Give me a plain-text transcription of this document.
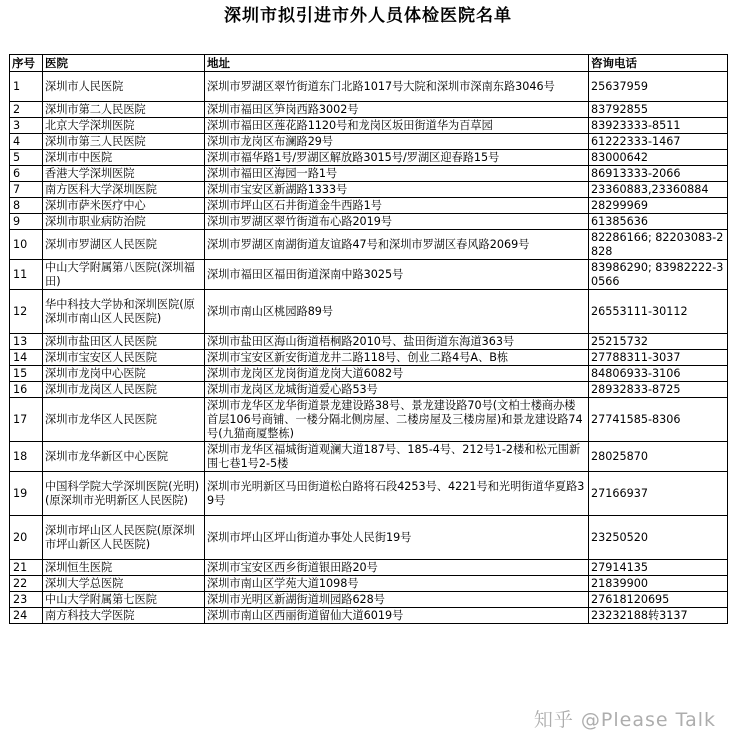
深圳市拟引进市外人员体检医院名单
序号	医院	地址	咨询电话
1	深圳市人民医院	深圳市罗湖区翠竹街道东门北路1017号大院和深圳市深南东路3046号	25637959
2	深圳市第二人民医院	深圳市福田区笋岗西路3002号	83792855
3	北京大学深圳医院	深圳市福田区莲花路1120号和龙岗区坂田街道华为百草园	83923333-8511
4	深圳市第三人民医院	深圳市龙岗区布澜路29号	61222333-1467
5	深圳市中医院	深圳市福华路1号/罗湖区解放路3015号/罗湖区迎春路15号	83000642
6	香港大学深圳医院	深圳市福田区海园一路1号	86913333-2066
7	南方医科大学深圳医院	深圳市宝安区新湖路1333号	23360883,23360884
8	深圳市萨米医疗中心	深圳市坪山区石井街道金牛西路1号	28299969
9	深圳市职业病防治院	深圳市罗湖区翠竹街道布心路2019号	61385636
10	深圳市罗湖区人民医院	深圳市罗湖区南湖街道友谊路47号和深圳市罗湖区春风路2069号	82286166; 82203083-2828
11	中山大学附属第八医院(深圳福田)	深圳市福田区福田街道深南中路3025号	83986290; 83982222-30566
12	华中科技大学协和深圳医院(原深圳市南山区人民医院)	深圳市南山区桃园路89号	26553111-30112
13	深圳市盐田区人民医院	深圳市盐田区海山街道梧桐路2010号、盐田街道东海道363号	25215732
14	深圳市宝安区人民医院	深圳市宝安区新安街道龙井二路118号、创业二路4号A、B栋	27788311-3037
15	深圳市龙岗中心医院	深圳市龙岗区龙岗街道龙岗大道6082号	84806933-3106
16	深圳市龙岗区人民医院	深圳市龙岗区龙城街道爱心路53号	28932833-8725
17	深圳市龙华区人民医院	深圳市龙华区龙华街道景龙建设路38号、景龙建设路70号(文柏士楼商办楼首层106号商铺、一楼分隔北侧房屋、二楼房屋及三楼房屋)和景龙建设路74号(九猫商厦整栋)	27741585-8306
18	深圳市龙华新区中心医院	深圳市龙华区福城街道观澜大道187号、185-4号、212号1-2楼和松元围新围七巷1号2-5楼	28025870
19	中国科学院大学深圳医院(光明)(原深圳市光明新区人民医院)	深圳市光明新区马田街道松白路将石段4253号、4221号和光明街道华夏路39号	27166937
20	深圳市坪山区人民医院(原深圳市坪山新区人民医院)	深圳市坪山区坪山街道办事处人民街19号	23250520
21	深圳恒生医院	深圳市宝安区西乡街道银田路20号	27914135
22	深圳大学总医院	深圳市南山区学苑大道1098号	21839900
23	中山大学附属第七医院	深圳市光明区新湖街道圳园路628号	27618120695
24	南方科技大学医院	深圳市南山区西丽街道留仙大道6019号	23232188转3137
知乎 @Please Talk
